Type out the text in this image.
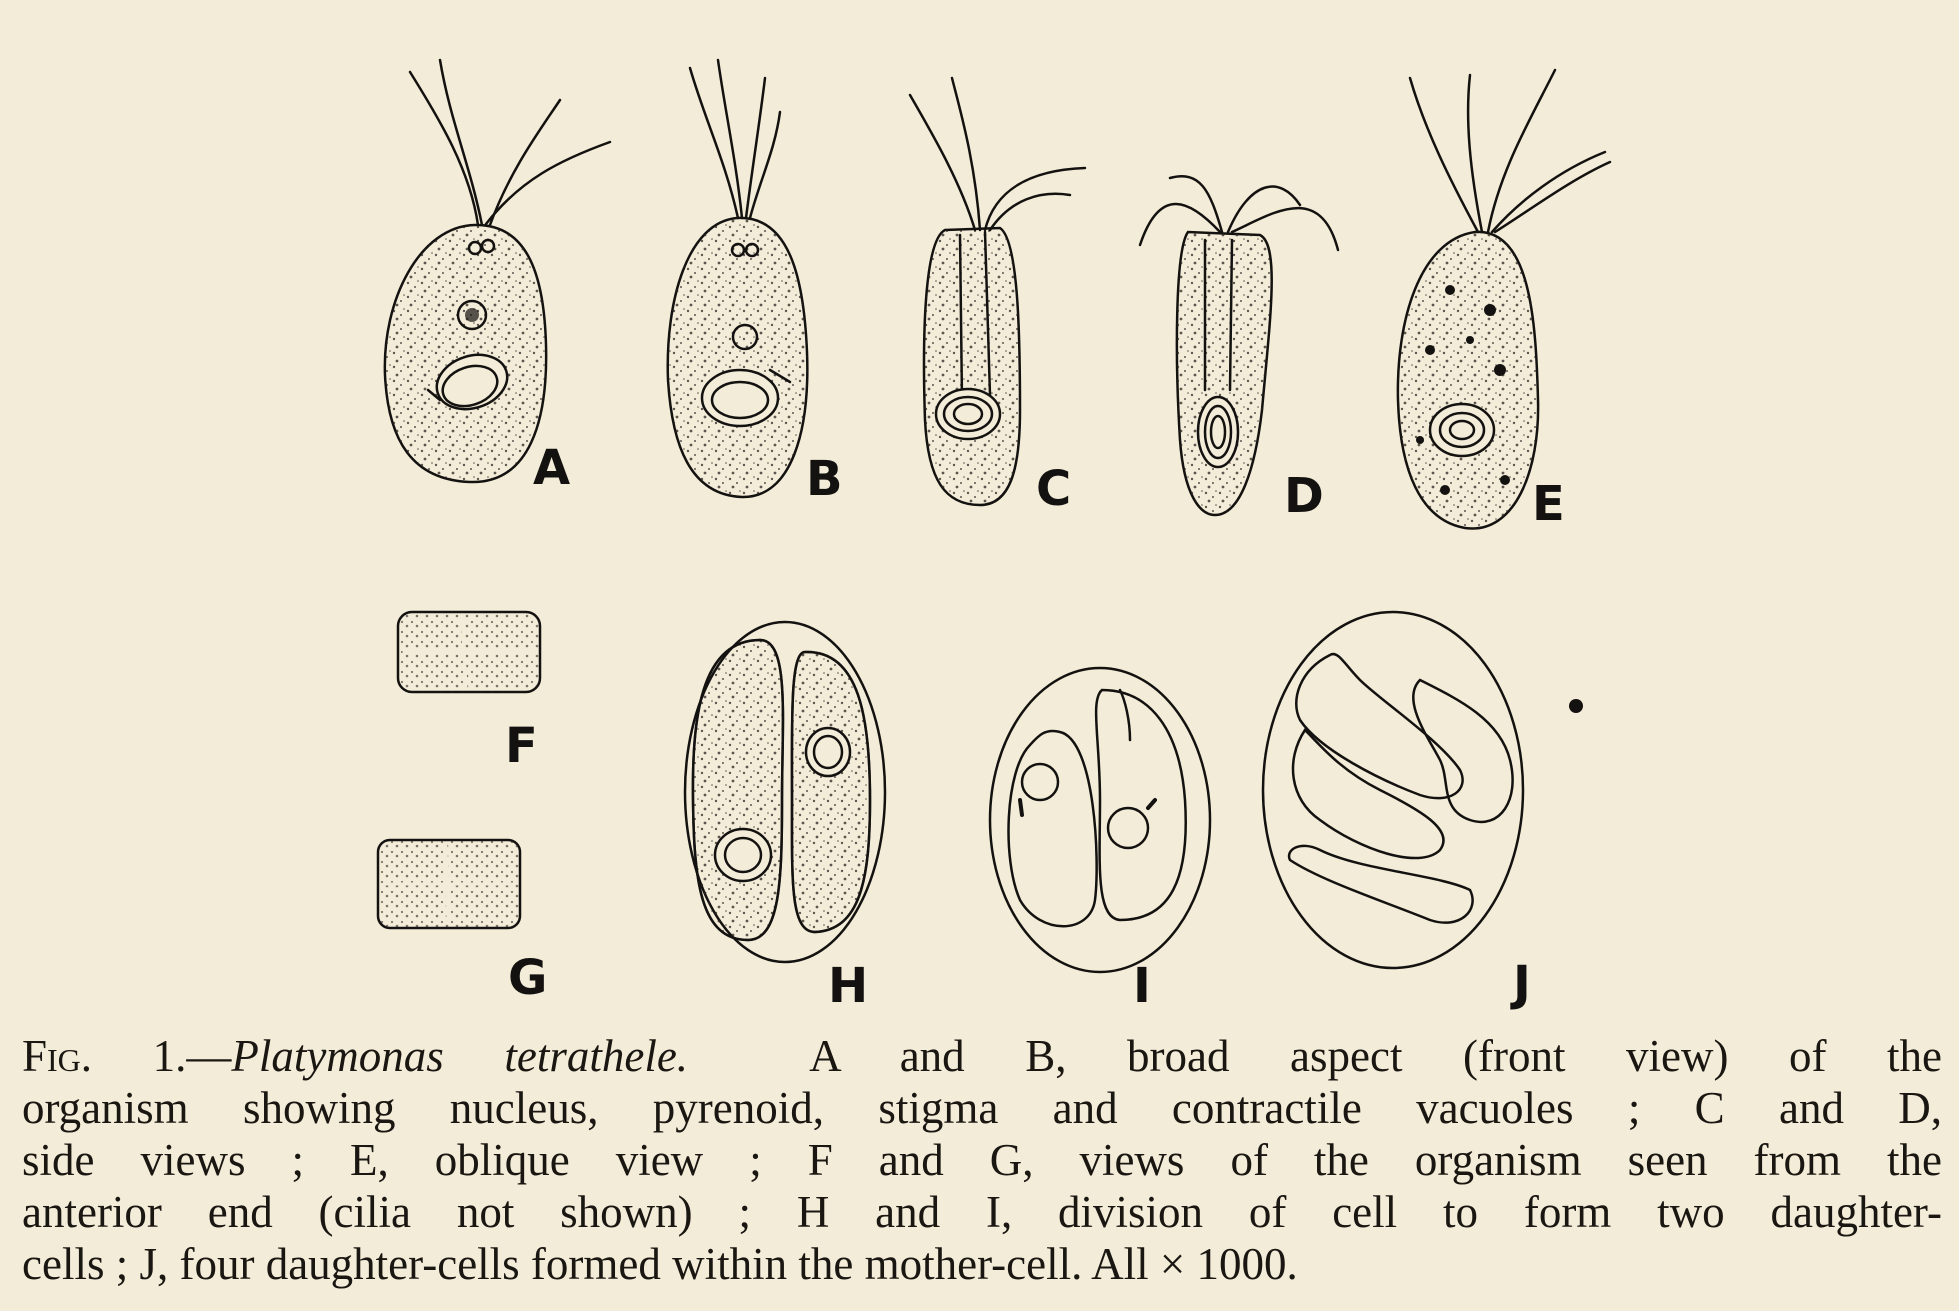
A	B	C	D	E
F
G	H	I	J
Fig. 1.—Platymonas tetrathele.	A and B, broad aspect (front view) of the
organism showing nucleus, pyrenoid, stigma and contractile vacuoles ; C and D,
side views ; E, oblique view ; F and G, views of the organism seen from the
anterior end (cilia not shown) ; H and I, division of cell to form two daughter-
cells ; J, four daughter-cells formed within the mother-cell. All × 1000.
